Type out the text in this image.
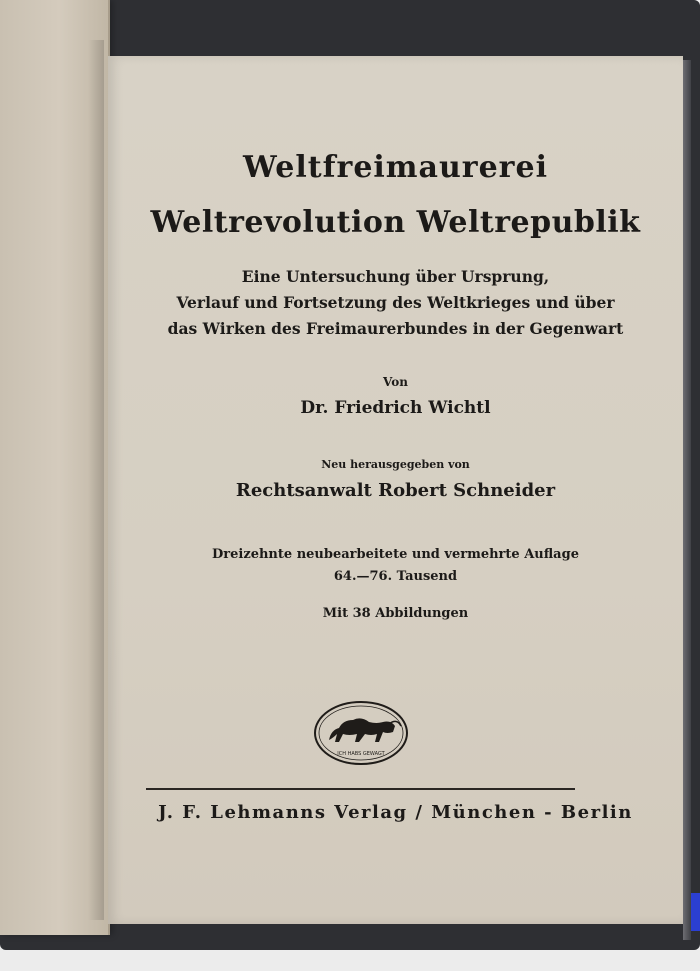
Weltfreimaurerei
Weltrevolution Weltrepublik
Eine Untersuchung über Ursprung,
Verlauf und Fortsetzung des Weltkrieges und über
das Wirken des Freimaurerbundes in der Gegenwart
Von
Dr. Friedrich Wichtl
Neu herausgegeben von
Rechtsanwalt Robert Schneider
Dreizehnte neubearbeitete und vermehrte Auflage
64.—76. Tausend
Mit 38 Abbildungen
ICH HABS GEWAGT
J. F. Lehmanns Verlag / München - Berlin
